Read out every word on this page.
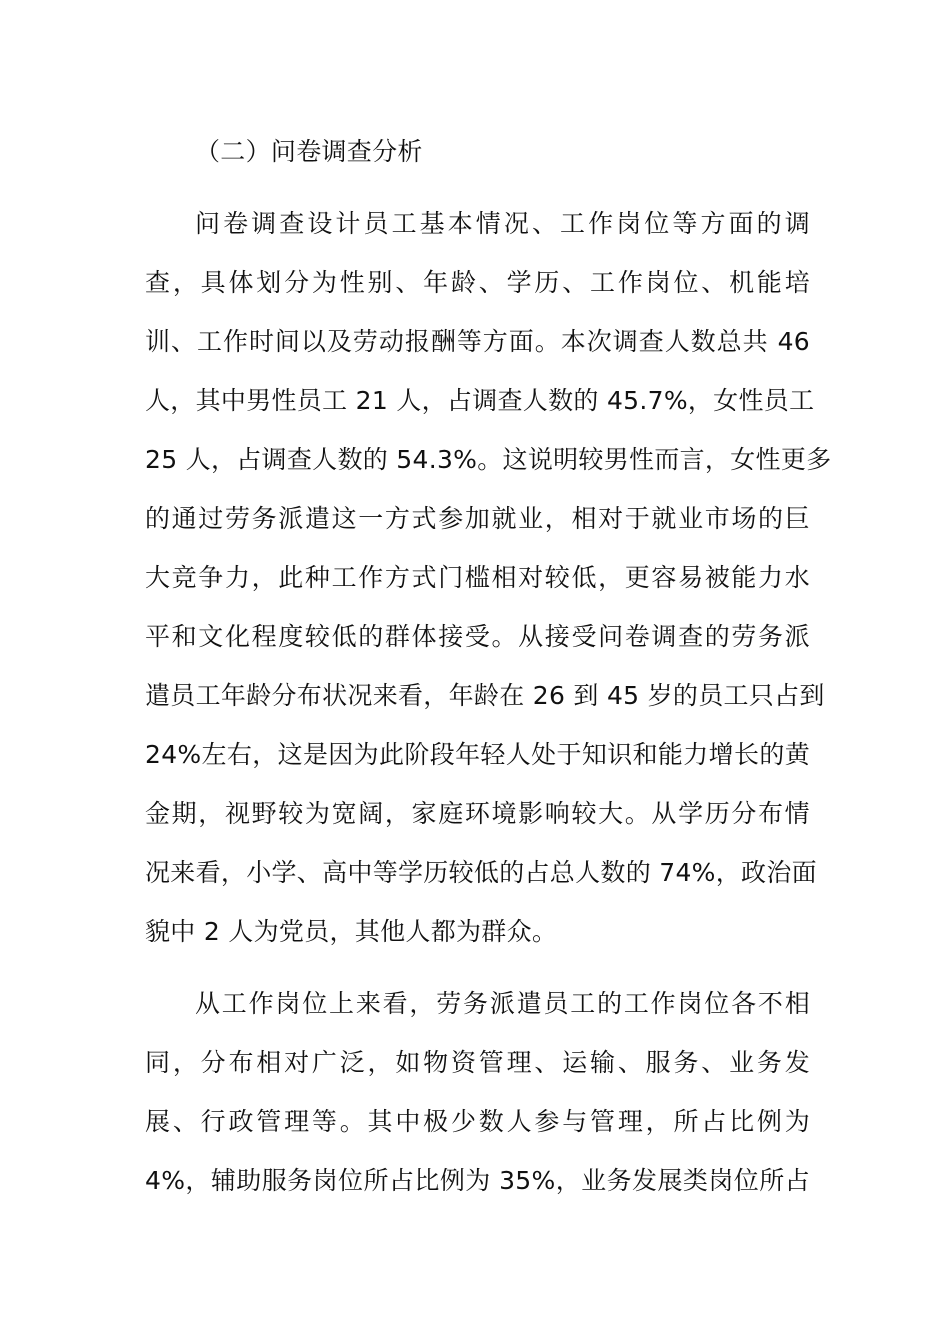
（二）问卷调查分析
问卷调查设计员工基本情况、工作岗位等方面的调
查，具体划分为性别、年龄、学历、工作岗位、机能培
训、工作时间以及劳动报酬等方面。本次调查人数总共 46
人，其中男性员工 21 人，占调查人数的 45.7%，女性员工
25 人，占调查人数的 54.3%。这说明较男性而言，女性更多
的通过劳务派遣这一方式参加就业，相对于就业市场的巨
大竞争力，此种工作方式门槛相对较低，更容易被能力水
平和文化程度较低的群体接受。从接受问卷调查的劳务派
遣员工年龄分布状况来看，年龄在 26 到 45 岁的员工只占到
24%左右，这是因为此阶段年轻人处于知识和能力增长的黄
金期，视野较为宽阔，家庭环境影响较大。从学历分布情
况来看，小学、高中等学历较低的占总人数的 74%，政治面
貌中 2 人为党员，其他人都为群众。
从工作岗位上来看，劳务派遣员工的工作岗位各不相
同，分布相对广泛，如物资管理、运输、服务、业务发
展、行政管理等。其中极少数人参与管理，所占比例为
4%，辅助服务岗位所占比例为 35%，业务发展类岗位所占
